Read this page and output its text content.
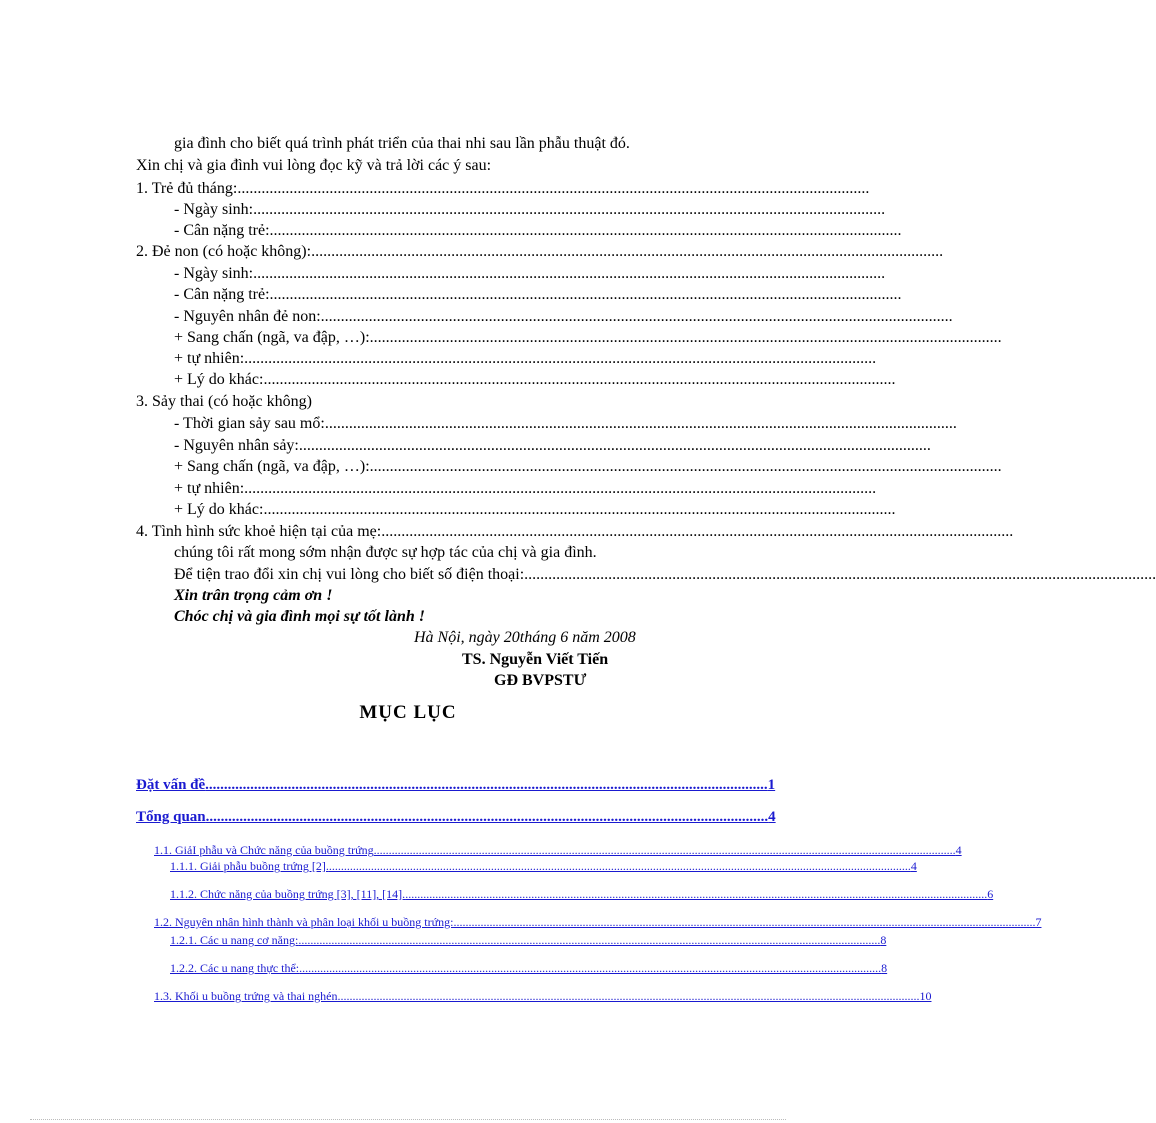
gia đình cho biết quá trình phát triển của thai nhi sau lần phẫu thuật đó.
Xin chị và gia đình vui lòng đọc kỹ và trả lời các ý sau:
1. Trẻ đủ tháng: ..............................................................................................................................................................
- Ngày sinh: ..............................................................................................................................................................
- Cân nặng trẻ: ..............................................................................................................................................................
2. Đẻ non (có hoặc không): ..............................................................................................................................................................
- Ngày sinh: ..............................................................................................................................................................
- Cân nặng trẻ: ..............................................................................................................................................................
- Nguyên nhân đẻ non: ..............................................................................................................................................................
+ Sang chấn (ngã, va đập, …): ..............................................................................................................................................................
+ tự nhiên: ..............................................................................................................................................................
+ Lý do khác: ..............................................................................................................................................................
3. Sảy thai (có hoặc không)
- Thời gian sảy sau mổ: ..............................................................................................................................................................
- Nguyên nhân sảy: ..............................................................................................................................................................
+ Sang chấn (ngã, va đập, …): ..............................................................................................................................................................
+ tự nhiên: ..............................................................................................................................................................
+ Lý do khác: ..............................................................................................................................................................
4. Tình hình sức khoẻ hiện tại của mẹ: ..............................................................................................................................................................
chúng tôi rất mong sớm nhận được sự hợp tác của chị và gia đình.
Để tiện trao đổi xin chị vui lòng cho biết số điện thoại: ..............................................................................................................................................................
Xin trân trọng cảm ơn !
Chóc chị và gia đình mọi sự tốt lành !
Hà Nội, ngày 20tháng 6 năm 2008
TS. Nguyễn Viết Tiến
GĐ BVPSTƯ
MỤC LỤC
Đặt vấn đề ...................................................................................................................................................... 1
Tổng quan ...................................................................................................................................................... 4
1.1. GiảI phẫu và Chức năng của buồng trứng .................................................................................................................................................................................................. 4
1.1.1. Giải phẫu buồng trứng [2]. .................................................................................................................................................................................................. 4
1.1.2. Chức năng của buồng trứng [3], [11], [14]. .................................................................................................................................................................................................. 6
1.2. Nguyên nhân hình thành và phân loại khối u buồng trứng: .................................................................................................................................................................................................. 7
1.2.1. Các u nang cơ năng: .................................................................................................................................................................................................. 8
1.2.2. Các u nang thực thể: .................................................................................................................................................................................................. 8
1.3. Khối u buồng trứng và thai nghén .................................................................................................................................................................................................. 10
